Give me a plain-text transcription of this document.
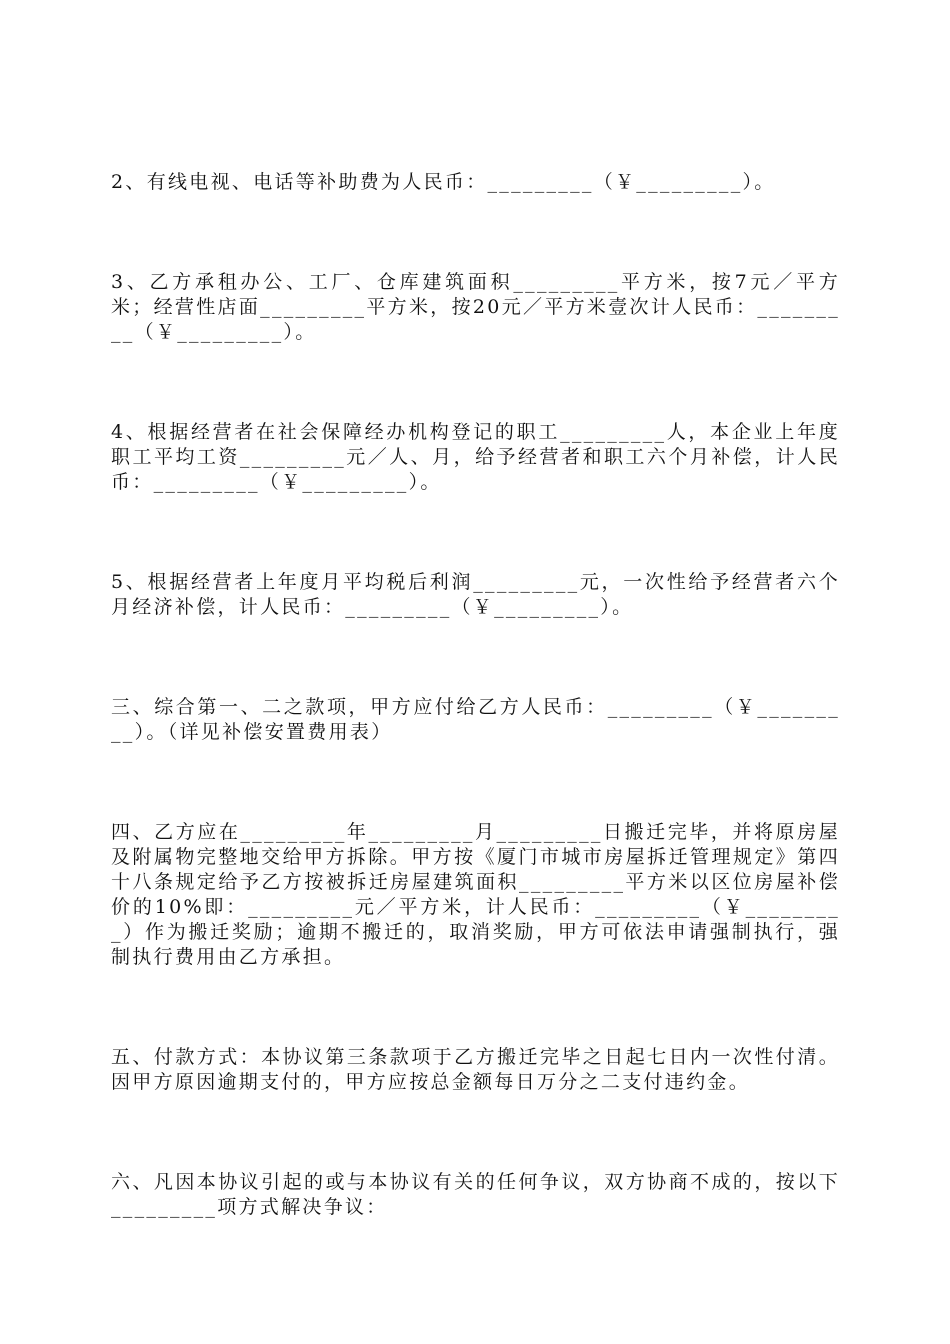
2、有线电视、电话等补助费为人民币：_________（￥_________）。

3、乙方承租办公、工厂、仓库建筑面积_________平方米，按7元／平方米；经营性店面_________平方米，按20元／平方米壹次计人民币：_________（￥_________）。

4、根据经营者在社会保障经办机构登记的职工_________人，本企业上年度职工平均工资_________元／人、月，给予经营者和职工六个月补偿，计人民币：_________（￥_________）。

5、根据经营者上年度月平均税后利润_________元，一次性给予经营者六个月经济补偿，计人民币：_________（￥_________）。

三、综合第一、二之款项，甲方应付给乙方人民币：_________（￥_________）。（详见补偿安置费用表）

四、乙方应在_________年_________月_________日搬迁完毕，并将原房屋及附属物完整地交给甲方拆除。甲方按《厦门市城市房屋拆迁管理规定》第四十八条规定给予乙方按被拆迁房屋建筑面积_________平方米以区位房屋补偿价的10%即：_________元／平方米，计人民币：_________（￥_________）作为搬迁奖励；逾期不搬迁的，取消奖励，甲方可依法申请强制执行，强制执行费用由乙方承担。

五、付款方式：本协议第三条款项于乙方搬迁完毕之日起七日内一次性付清。因甲方原因逾期支付的，甲方应按总金额每日万分之二支付违约金。

六、凡因本协议引起的或与本协议有关的任何争议，双方协商不成的，按以下_________项方式解决争议：
